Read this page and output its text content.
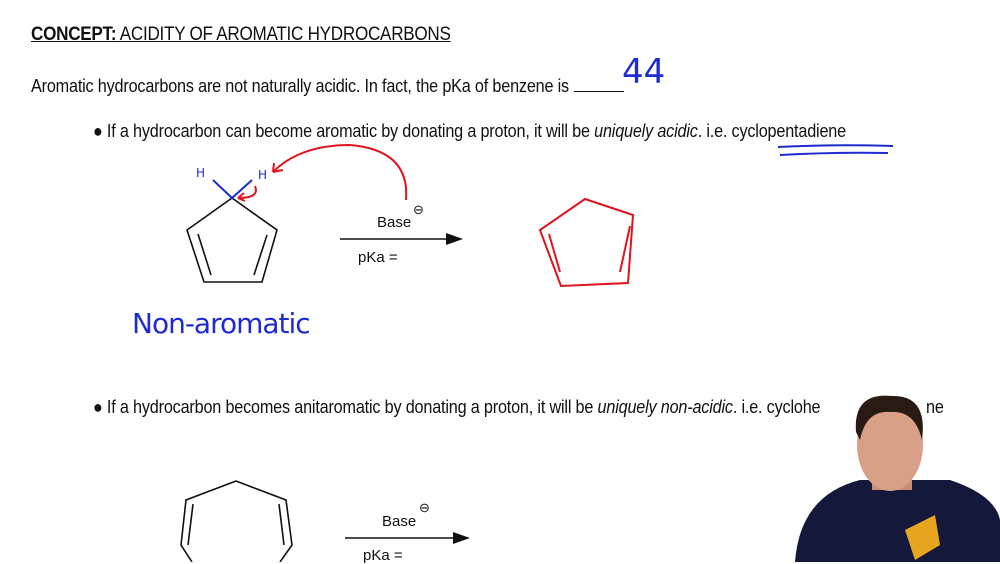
CONCEPT: ACIDITY OF AROMATIC HYDROCARBONS
Aromatic hydrocarbons are not naturally acidic. In fact, the pKa of benzene is	44
● If a hydrocarbon can become aromatic by donating a proton, it will be uniquely acidic. i.e. cyclopentadiene
● If a hydrocarbon becomes anitaromatic by donating a proton, it will be uniquely non-acidic. i.e. cyclohe	ne
Base
⊖
pKa =
H	H
Non-aromatic
Base
⊖
pKa =
